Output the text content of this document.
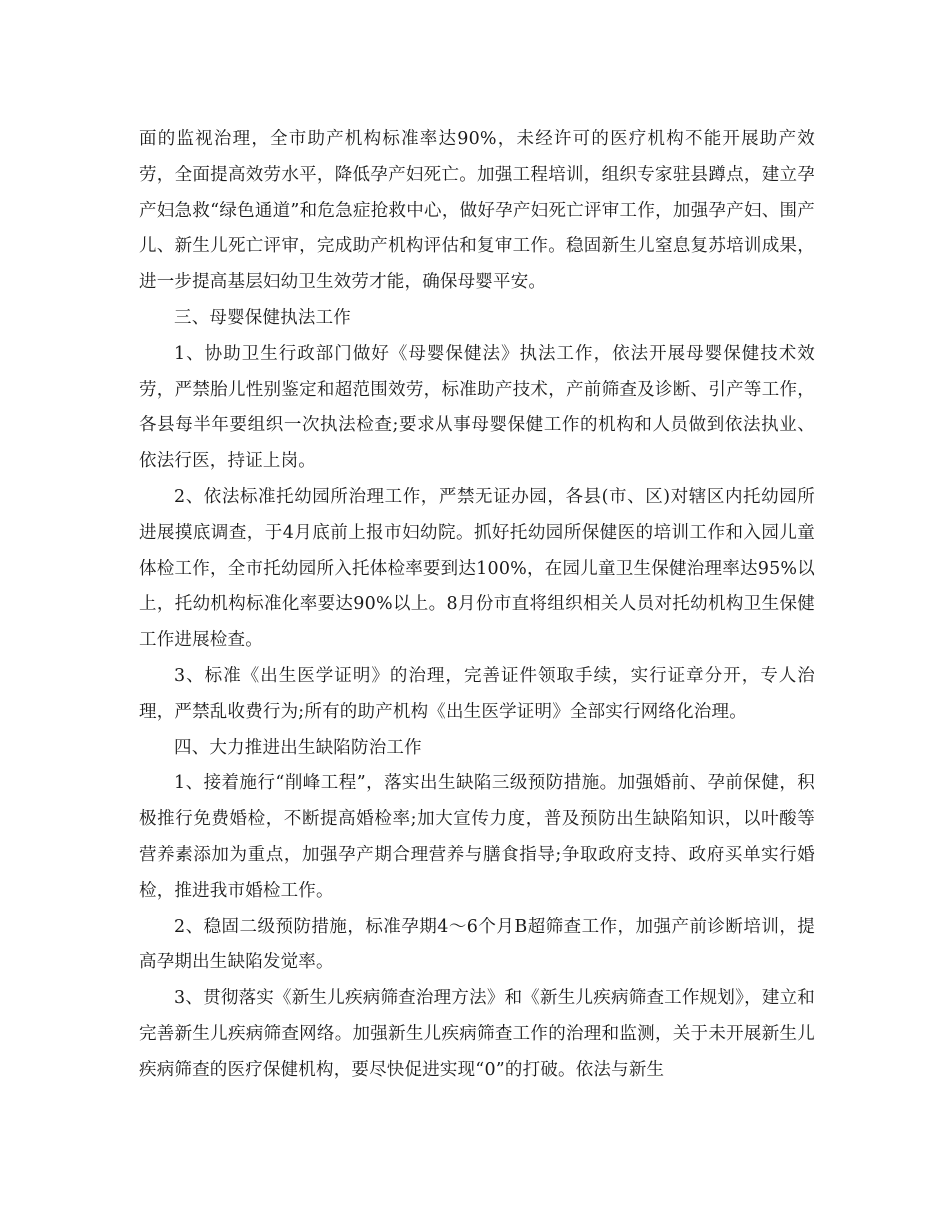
面的监视治理，全市助产机构标准率达90%，未经许可的医疗机构不能开展助产效劳，全面提高效劳水平，降低孕产妇死亡。加强工程培训，组织专家驻县蹲点，建立孕产妇急救“绿色通道”和危急症抢救中心，做好孕产妇死亡评审工作，加强孕产妇、围产儿、新生儿死亡评审，完成助产机构评估和复审工作。稳固新生儿窒息复苏培训成果，进一步提高基层妇幼卫生效劳才能，确保母婴平安。

三、母婴保健执法工作

1、协助卫生行政部门做好《母婴保健法》执法工作，依法开展母婴保健技术效劳，严禁胎儿性别鉴定和超范围效劳，标准助产技术，产前筛查及诊断、引产等工作，各县每半年要组织一次执法检查;要求从事母婴保健工作的机构和人员做到依法执业、依法行医，持证上岗。

2、依法标准托幼园所治理工作，严禁无证办园，各县(市、区)对辖区内托幼园所进展摸底调查，于4月底前上报市妇幼院。抓好托幼园所保健医的培训工作和入园儿童体检工作，全市托幼园所入托体检率要到达100%，在园儿童卫生保健治理率达95%以上，托幼机构标准化率要达90%以上。8月份市直将组织相关人员对托幼机构卫生保健工作进展检查。

3、标准《出生医学证明》的治理，完善证件领取手续，实行证章分开，专人治理，严禁乱收费行为;所有的助产机构《出生医学证明》全部实行网络化治理。

四、大力推进出生缺陷防治工作

1、接着施行“削峰工程”，落实出生缺陷三级预防措施。加强婚前、孕前保健，积极推行免费婚检，不断提高婚检率;加大宣传力度，普及预防出生缺陷知识，以叶酸等营养素添加为重点，加强孕产期合理营养与膳食指导;争取政府支持、政府买单实行婚检，推进我市婚检工作。

2、稳固二级预防措施，标准孕期4～6个月B超筛查工作，加强产前诊断培训，提高孕期出生缺陷发觉率。

3、贯彻落实《新生儿疾病筛查治理方法》和《新生儿疾病筛查工作规划》，建立和完善新生儿疾病筛查网络。加强新生儿疾病筛查工作的治理和监测，关于未开展新生儿疾病筛查的医疗保健机构，要尽快促进实现“0”的打破。依法与新生
